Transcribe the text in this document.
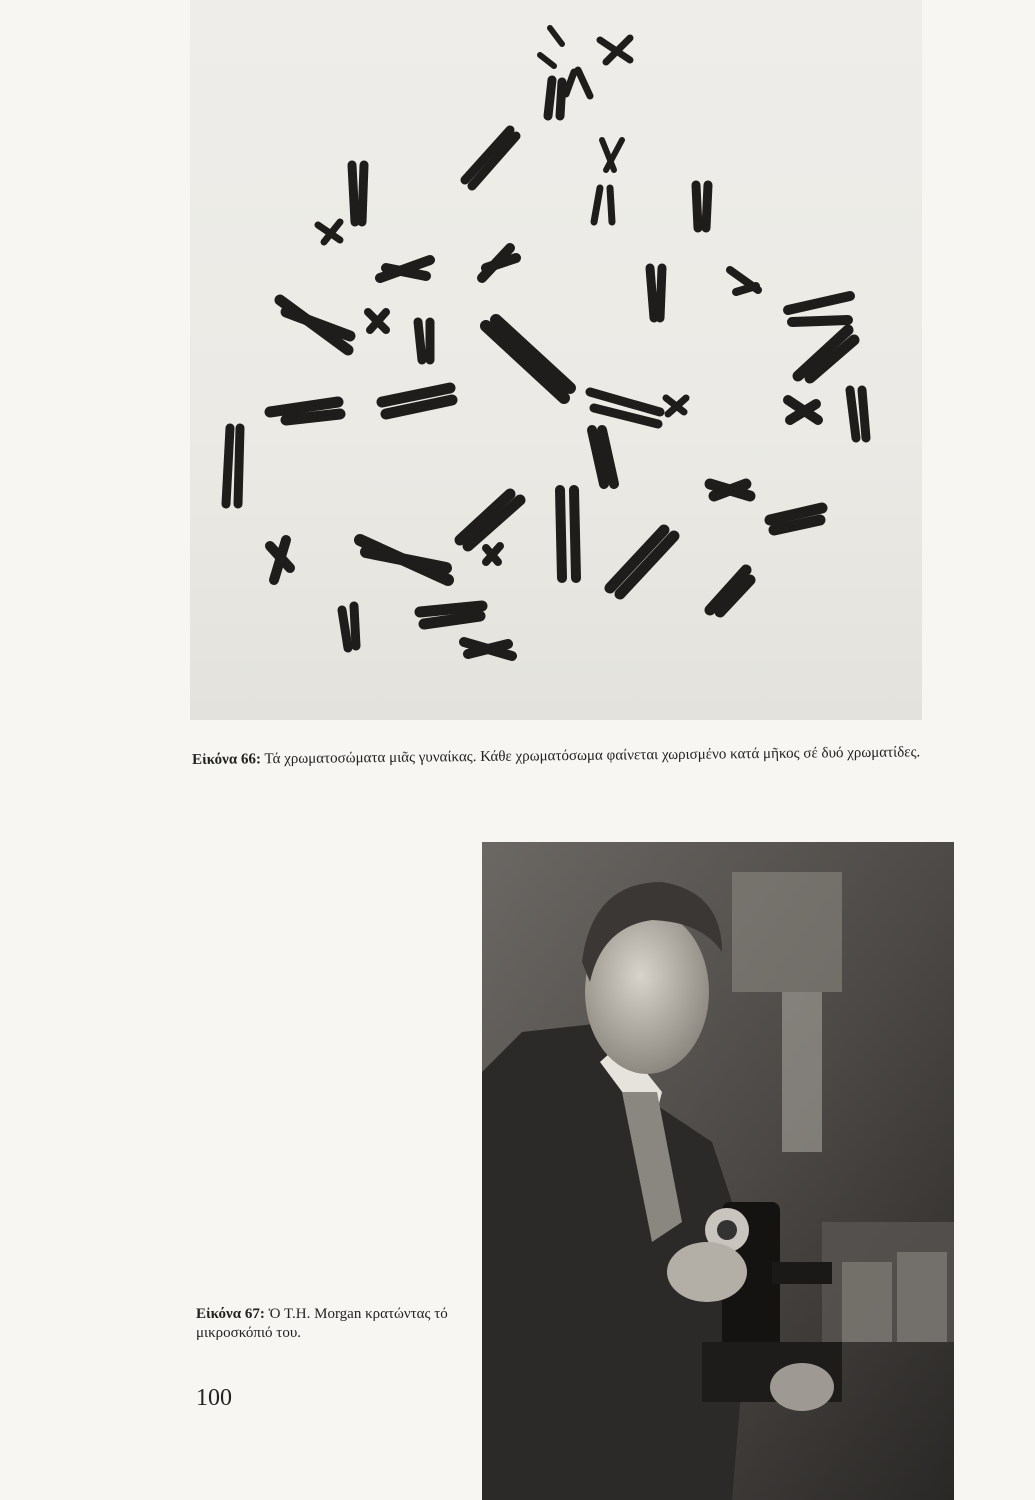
Εἰκόνα 66: Τά χρωματοσώματα μιᾶς γυναίκας. Κάθε χρωματόσωμα φαίνεται χωρισμένο κατά μῆκος σέ δυό χρωματίδες.
Εἰκόνα 67: Ὁ Τ.Η. Morgan κρατώντας τό μικροσκόπιό του.
100
